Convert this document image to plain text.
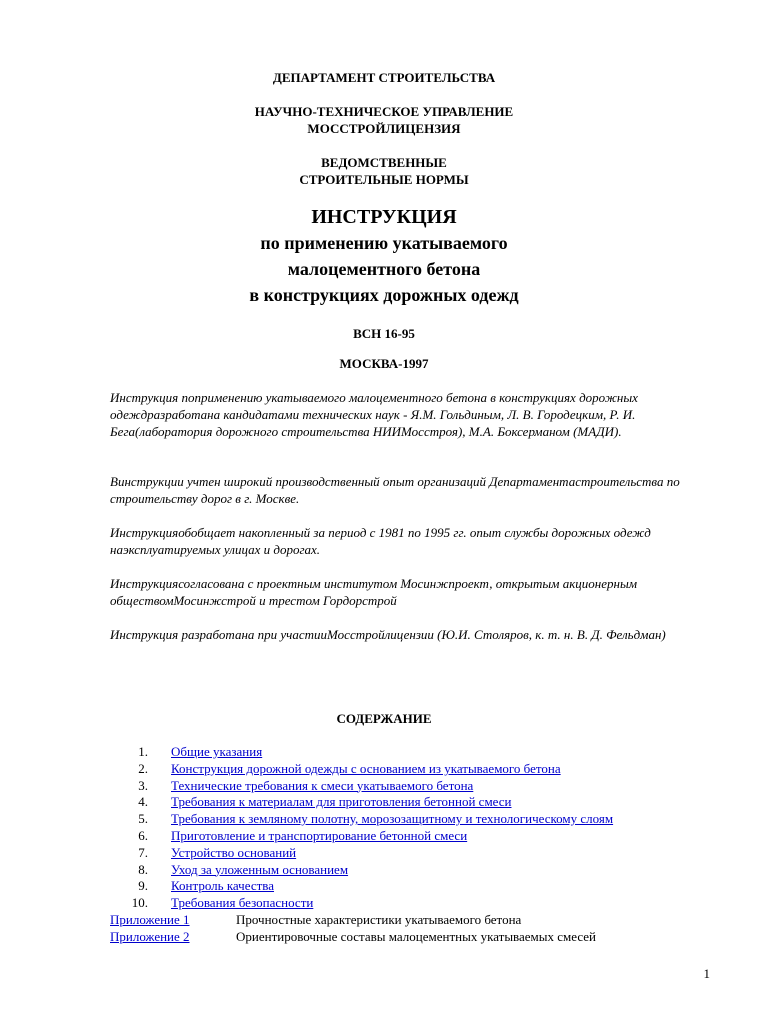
ДЕПАРТАМЕНТ СТРОИТЕЛЬСТВА
НАУЧНО-ТЕХНИЧЕСКОЕ УПРАВЛЕНИЕ
МОССТРОЙЛИЦЕНЗИЯ
ВЕДОМСТВЕННЫЕ
СТРОИТЕЛЬНЫЕ НОРМЫ
ИНСТРУКЦИЯ
по применению укатываемого
малоцементного бетона
в конструкциях дорожных одежд
ВСН 16-95
МОСКВА-1997
Инструкция поприменению укатываемого малоцементного бетона в конструкциях дорожных одеждразработана кандидатами технических наук - Я.М. Гольдиным, Л. В. Городецким, Р. И. Бега(лаборатория дорожного строительства НИИМосстроя), М.А. Боксерманом (МАДИ).
Винструкции учтен широкий производственный опыт организаций Департаментастроительства по строительству дорог в г. Москве.
Инструкцияобобщает накопленный за период с 1981 по 1995 гг. опыт службы дорожных одежд наэксплуатируемых улицах и дорогах.
Инструкциясогласована с проектным институтом Мосинжпроект, открытым акционерным обществомМосинжстрой и трестом Гордорстрой
Инструкция разработана при участииМосстройлицензии (Ю.И. Столяров, к. т. н. В. Д. Фельдман)
СОДЕРЖАНИЕ
1. Общие указания
2. Конструкция дорожной одежды с основанием из укатываемого бетона
3. Технические требования к смеси укатываемого бетона
4. Требования к материалам для приготовления бетонной смеси
5. Требования к земляному полотну, морозозащитному и технологическому слоям
6. Приготовление и транспортирование бетонной смеси
7. Устройство оснований
8. Уход за уложенным основанием
9. Контроль качества
10. Требования безопасности
Приложение 1	Прочностные характеристики укатываемого бетона
Приложение 2	Ориентировочные составы малоцементных укатываемых смесей
1
